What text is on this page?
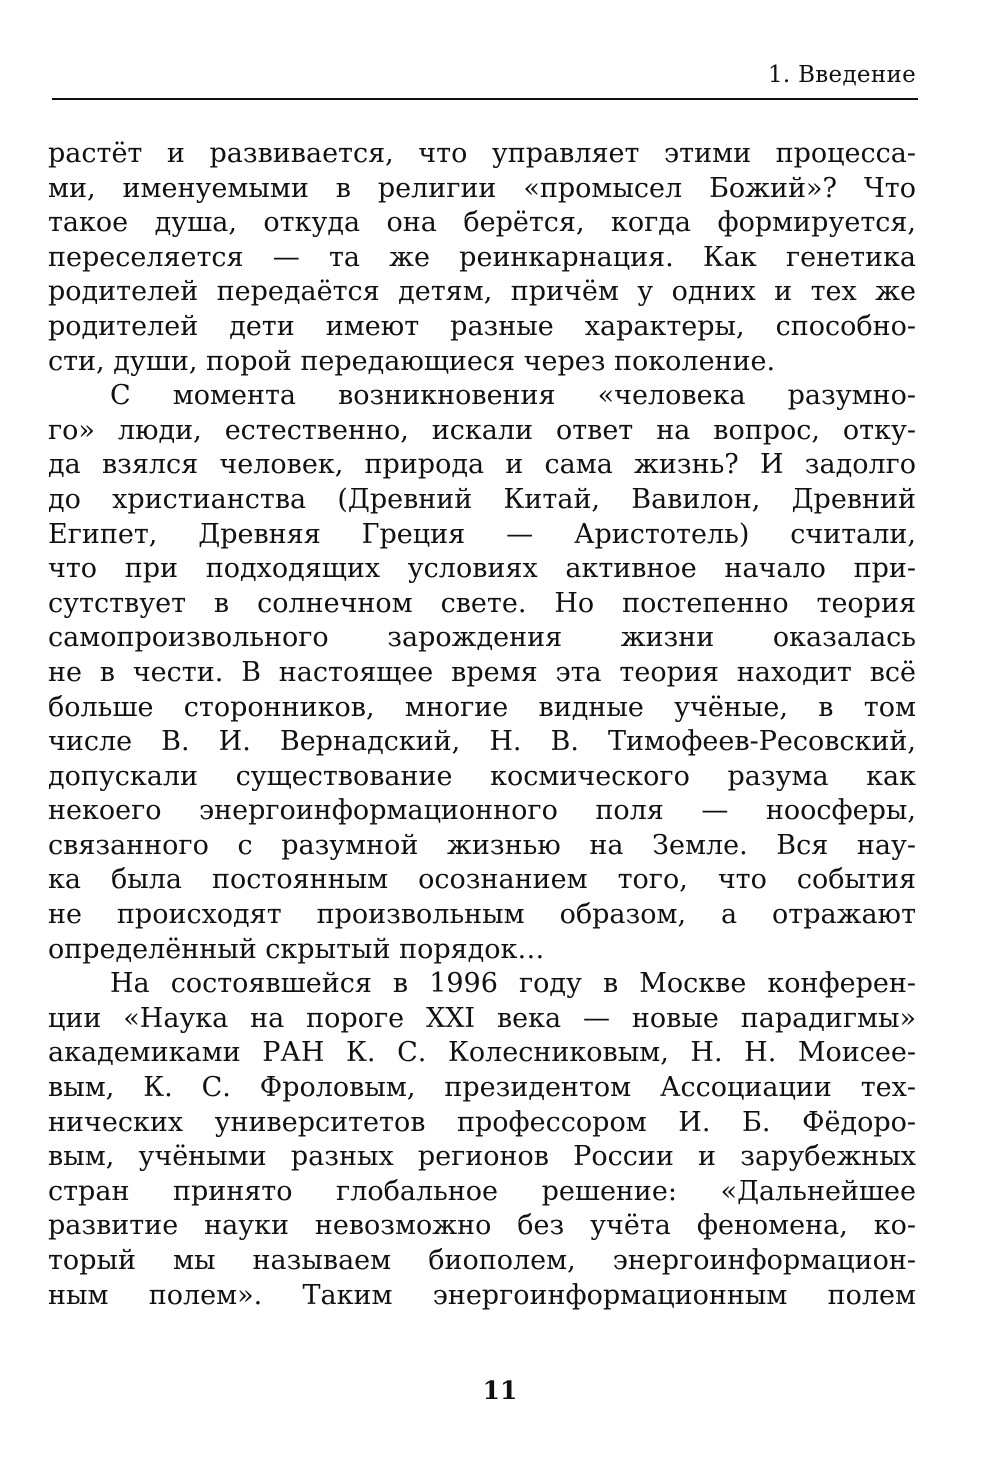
1. Введение
растёт и развивается, что управляет этими процесса-
ми, именуемыми в религии «промысел Божий»? Что
такое душа, откуда она берётся, когда формируется,
переселяется — та же реинкарнация. Как генетика
родителей передаётся детям, причём у одних и тех же
родителей дети имеют разные характеры, способно-
сти, души, порой передающиеся через поколение.
С момента возникновения «человека разумно-
го» люди, естественно, искали ответ на вопрос, отку-
да взялся человек, природа и сама жизнь? И задолго
до христианства (Древний Китай, Вавилон, Древний
Египет, Древняя Греция — Аристотель) считали,
что при подходящих условиях активное начало при-
сутствует в солнечном свете. Но постепенно теория
самопроизвольного зарождения жизни оказалась
не в чести. В настоящее время эта теория находит всё
больше сторонников, многие видные учёные, в том
числе В. И. Вернадский, Н. В. Тимофеев-Ресовский,
допускали существование космического разума как
некоего энергоинформационного поля — ноосферы,
связанного с разумной жизнью на Земле. Вся нау-
ка была постоянным осознанием того, что события
не происходят произвольным образом, а отражают
определённый скрытый порядок…
На состоявшейся в 1996 году в Москве конферен-
ции «Наука на пороге XXI века — новые парадигмы»
академиками РАН К. С. Колесниковым, Н. Н. Моисее-
вым, К. С. Фроловым, президентом Ассоциации тех-
нических университетов профессором И. Б. Фёдоро-
вым, учёными разных регионов России и зарубежных
стран принято глобальное решение: «Дальнейшее
развитие науки невозможно без учёта феномена, ко-
торый мы называем биополем, энергоинформацион-
ным полем». Таким энергоинформационным полем
11
